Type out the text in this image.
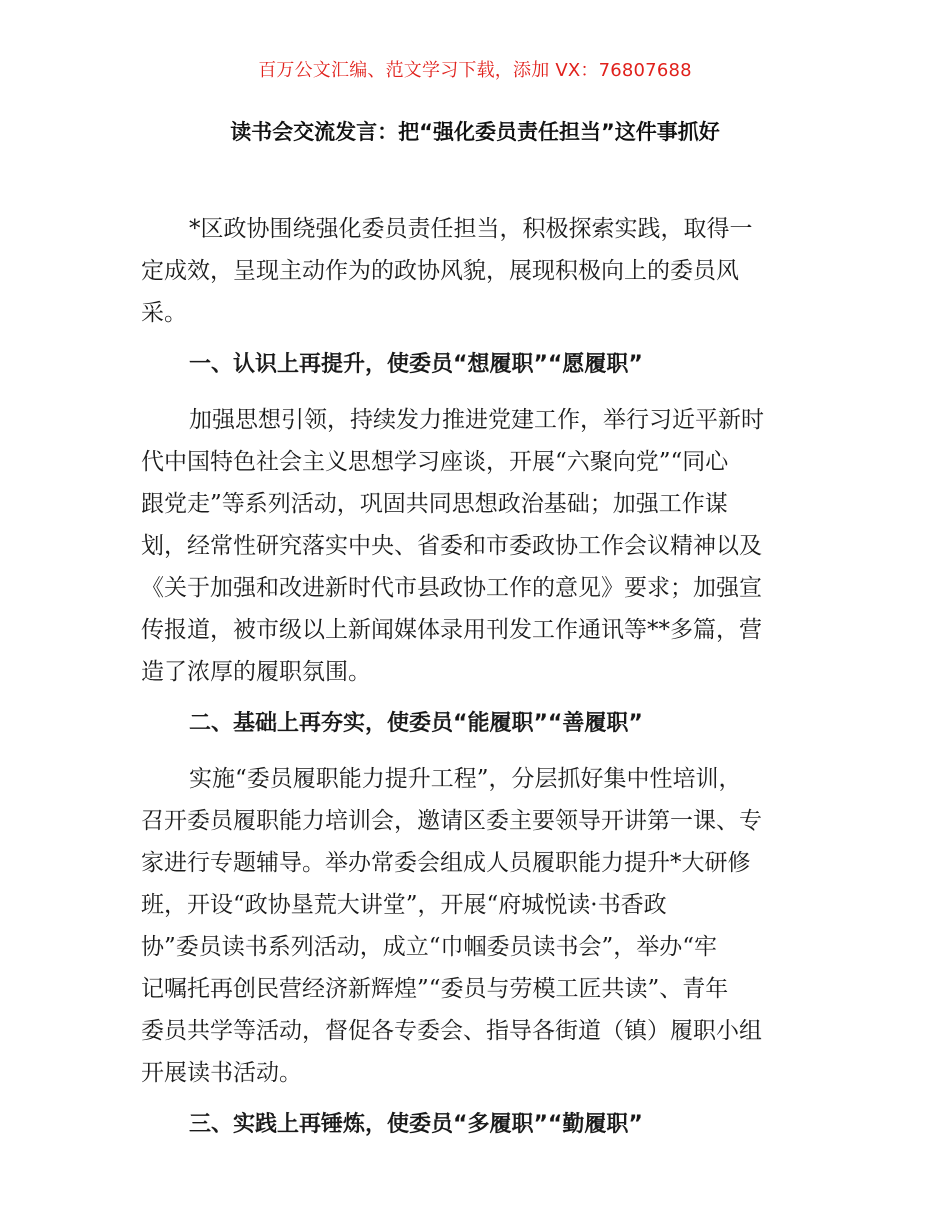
百万公文汇编、范文学习下载，添加 VX：76807688
读书会交流发言：把“强化委员责任担当”这件事抓好

*区政协围绕强化委员责任担当，积极探索实践，取得一
定成效，呈现主动作为的政协风貌，展现积极向上的委员风
采。

一、认识上再提升，使委员“想履职”“愿履职”

加强思想引领，持续发力推进党建工作，举行习近平新时
代中国特色社会主义思想学习座谈，开展“六聚向党”“同心
跟党走”等系列活动，巩固共同思想政治基础；加强工作谋
划，经常性研究落实中央、省委和市委政协工作会议精神以及
《关于加强和改进新时代市县政协工作的意见》要求；加强宣
传报道，被市级以上新闻媒体录用刊发工作通讯等**多篇，营
造了浓厚的履职氛围。

二、基础上再夯实，使委员“能履职”“善履职”

实施“委员履职能力提升工程”，分层抓好集中性培训，
召开委员履职能力培训会，邀请区委主要领导开讲第一课、专
家进行专题辅导。举办常委会组成人员履职能力提升*大研修
班，开设“政协垦荒大讲堂”，开展“府城悦读·书香政
协”委员读书系列活动，成立“巾帼委员读书会”，举办“牢
记嘱托再创民营经济新辉煌”“委员与劳模工匠共读”、青年
委员共学等活动，督促各专委会、指导各街道（镇）履职小组
开展读书活动。

三、实践上再锤炼，使委员“多履职”“勤履职”
